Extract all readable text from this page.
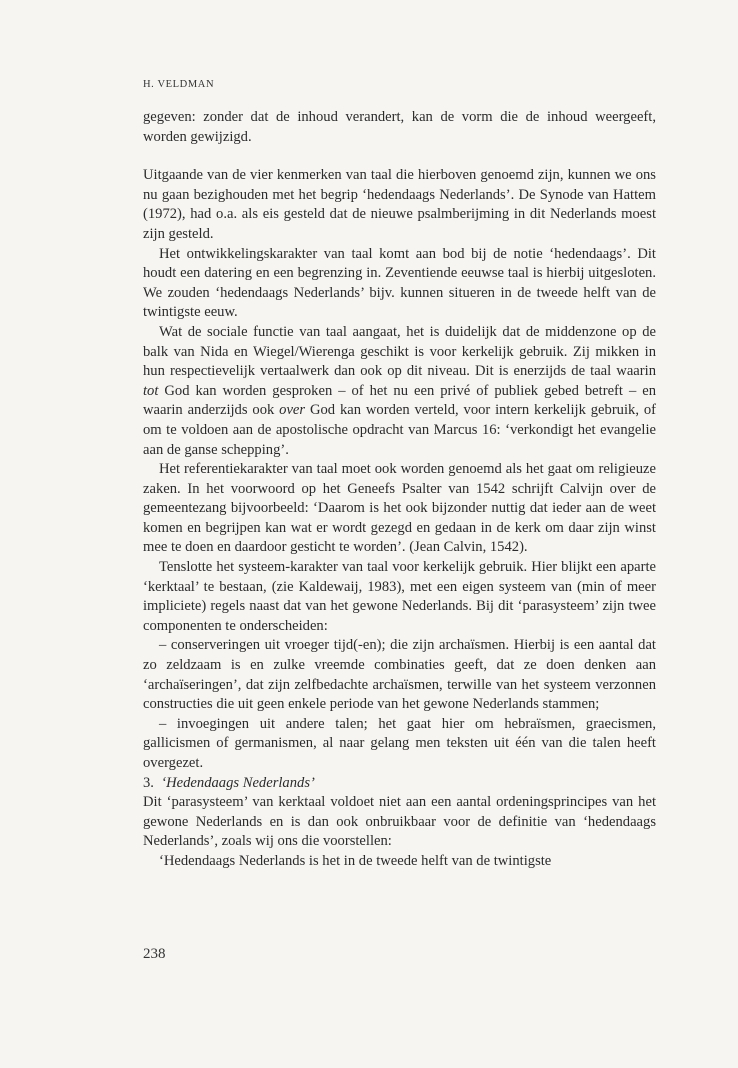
H. VELDMAN

gegeven: zonder dat de inhoud verandert, kan de vorm die de inhoud weergeeft, worden gewijzigd.

Uitgaande van de vier kenmerken van taal die hierboven genoemd zijn, kunnen we ons nu gaan bezighouden met het begrip ‘hedendaags Nederlands’. De Synode van Hattem (1972), had o.a. als eis gesteld dat de nieuwe psalmberijming in dit Nederlands moest zijn gesteld.

Het ontwikkelingskarakter van taal komt aan bod bij de notie ‘hedendaags’. Dit houdt een datering en een begrenzing in. Zeventiende eeuwse taal is hierbij uitgesloten. We zouden ‘hedendaags Nederlands’ bijv. kunnen situeren in de tweede helft van de twintigste eeuw.

Wat de sociale functie van taal aangaat, het is duidelijk dat de middenzone op de balk van Nida en Wiegel/Wierenga geschikt is voor kerkelijk gebruik. Zij mikken in hun respectievelijk vertaalwerk dan ook op dit niveau. Dit is enerzijds de taal waarin tot God kan worden gesproken – of het nu een privé of publiek gebed betreft – en waarin anderzijds ook over God kan worden verteld, voor intern kerkelijk gebruik, of om te voldoen aan de apostolische opdracht van Marcus 16: ‘verkondigt het evangelie aan de ganse schepping’.

Het referentiekarakter van taal moet ook worden genoemd als het gaat om religieuze zaken. In het voorwoord op het Geneefs Psalter van 1542 schrijft Calvijn over de gemeentezang bijvoorbeeld: ‘Daarom is het ook bijzonder nuttig dat ieder aan de weet komen en begrijpen kan wat er wordt gezegd en gedaan in de kerk om daar zijn winst mee te doen en daardoor gesticht te worden’. (Jean Calvin, 1542).

Tenslotte het systeem-karakter van taal voor kerkelijk gebruik. Hier blijkt een aparte ‘kerktaal’ te bestaan, (zie Kaldewaij, 1983), met een eigen systeem van (min of meer impliciete) regels naast dat van het gewone Nederlands. Bij dit ‘parasysteem’ zijn twee componenten te onderscheiden:

– conserveringen uit vroeger tijd(-en); die zijn archaïsmen. Hierbij is een aantal dat zo zeldzaam is en zulke vreemde combinaties geeft, dat ze doen denken aan ‘archaïseringen’, dat zijn zelfbedachte archaïsmen, terwille van het systeem verzonnen constructies die uit geen enkele periode van het gewone Nederlands stammen;

– invoegingen uit andere talen; het gaat hier om hebraïsmen, graecismen, gallicismen of germanismen, al naar gelang men teksten uit één van die talen heeft overgezet.

3. ‘Hedendaags Nederlands’

Dit ‘parasysteem’ van kerktaal voldoet niet aan een aantal ordeningsprincipes van het gewone Nederlands en is dan ook onbruikbaar voor de definitie van ‘hedendaags Nederlands’, zoals wij ons die voorstellen:

‘Hedendaags Nederlands is het in de tweede helft van de twintigste

238
